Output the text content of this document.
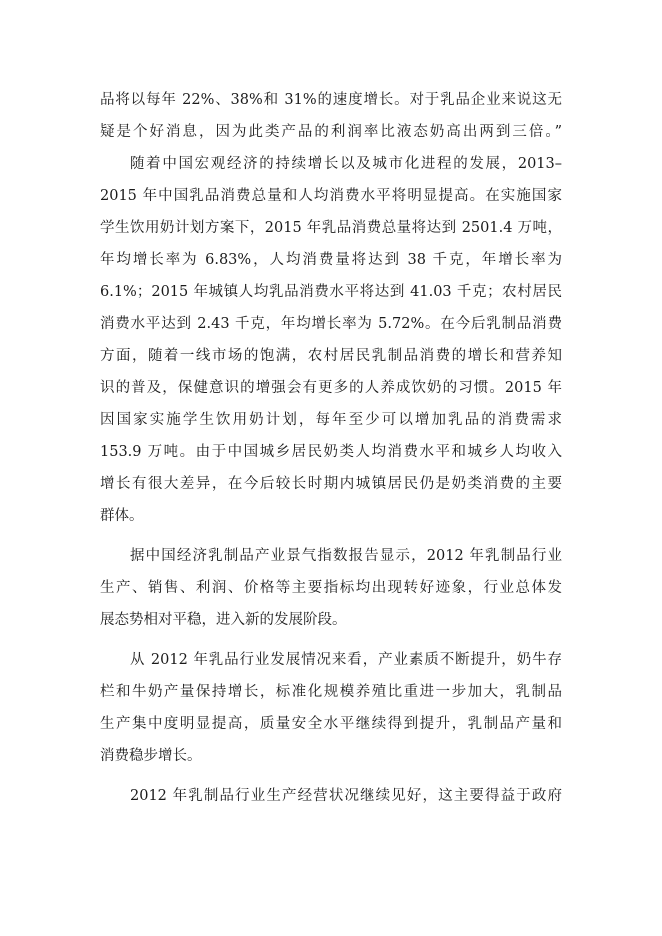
品将以每年 22%、38%和 31%的速度增长。对于乳品企业来说这无
疑是个好消息，因为此类产品的利润率比液态奶高出两到三倍。”
随着中国宏观经济的持续增长以及城市化进程的发展，2013–
2015 年中国乳品消费总量和人均消费水平将明显提高。在实施国家
学生饮用奶计划方案下，2015 年乳品消费总量将达到 2501.4 万吨，
年均增长率为 6.83%，人均消费量将达到 38 千克，年增长率为
6.1%；2015 年城镇人均乳品消费水平将达到 41.03 千克；农村居民
消费水平达到 2.43 千克，年均增长率为 5.72%。在今后乳制品消费
方面，随着一线市场的饱满，农村居民乳制品消费的增长和营养知
识的普及，保健意识的增强会有更多的人养成饮奶的习惯。2015 年
因国家实施学生饮用奶计划，每年至少可以增加乳品的消费需求
153.9 万吨。由于中国城乡居民奶类人均消费水平和城乡人均收入
增长有很大差异，在今后较长时期内城镇居民仍是奶类消费的主要
群体。
据中国经济乳制品产业景气指数报告显示，2012 年乳制品行业
生产、销售、利润、价格等主要指标均出现转好迹象，行业总体发
展态势相对平稳，进入新的发展阶段。
从 2012 年乳品行业发展情况来看，产业素质不断提升，奶牛存
栏和牛奶产量保持增长，标准化规模养殖比重进一步加大，乳制品
生产集中度明显提高，质量安全水平继续得到提升，乳制品产量和
消费稳步增长。
2012 年乳制品行业生产经营状况继续见好，这主要得益于政府
